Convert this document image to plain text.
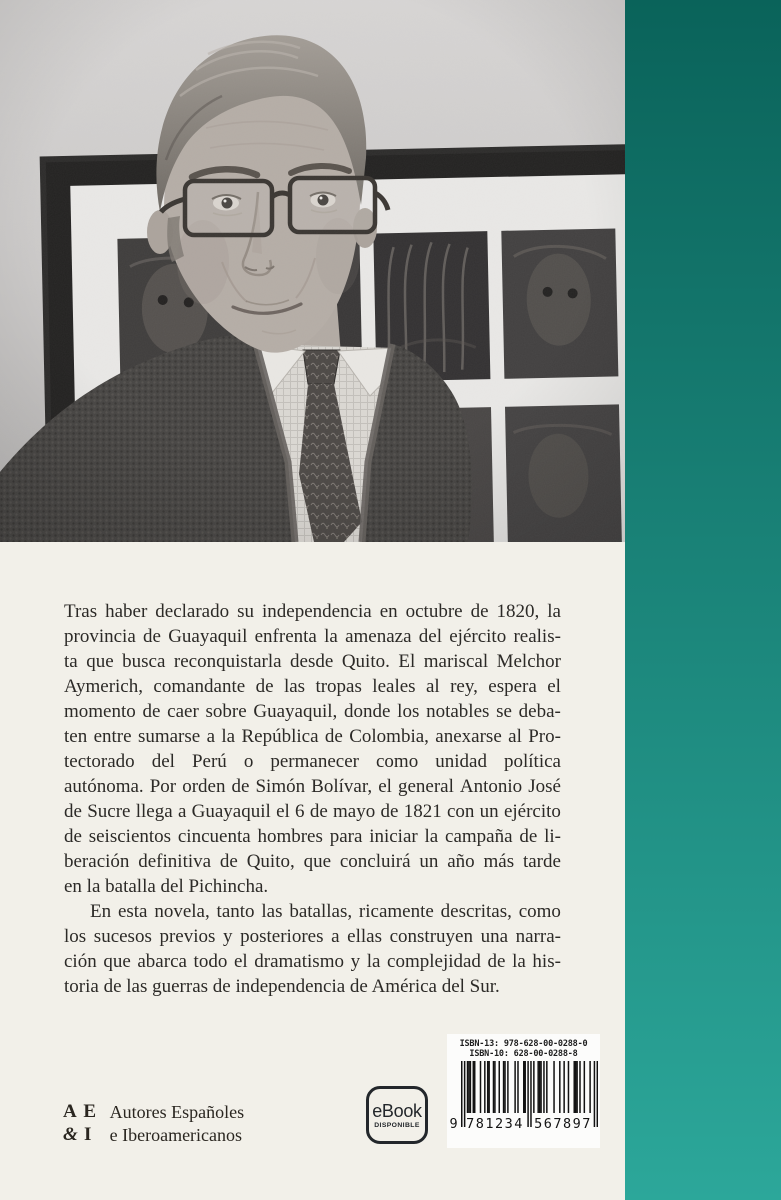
Tras haber declarado su independencia en octubre de 1820, la
provincia de Guayaquil enfrenta la amenaza del ejército realis-
ta que busca reconquistarla desde Quito. El mariscal Melchor
Aymerich, comandante de las tropas leales al rey, espera el
momento de caer sobre Guayaquil, donde los notables se deba-
ten entre sumarse a la República de Colombia, anexarse al Pro-
tectorado del Perú o permanecer como unidad política
autónoma. Por orden de Simón Bolívar, el general Antonio José
de Sucre llega a Guayaquil el 6 de mayo de 1821 con un ejército
de seiscientos cincuenta hombres para iniciar la campaña de li-
beración definitiva de Quito, que concluirá un año más tarde
en la batalla del Pichincha.
En esta novela, tanto las batallas, ricamente descritas, como
los sucesos previos y posteriores a ellas construyen una narra-
ción que abarca todo el dramatismo y la complejidad de la his-
toria de las guerras de independencia de América del Sur.
A E
& I
Autores Españoles
e Iberoamericanos
eBook
DISPONIBLE
ISBN-13: 978-628-00-0288-0
ISBN-10: 628-00-0288-8
9 781234 567897
